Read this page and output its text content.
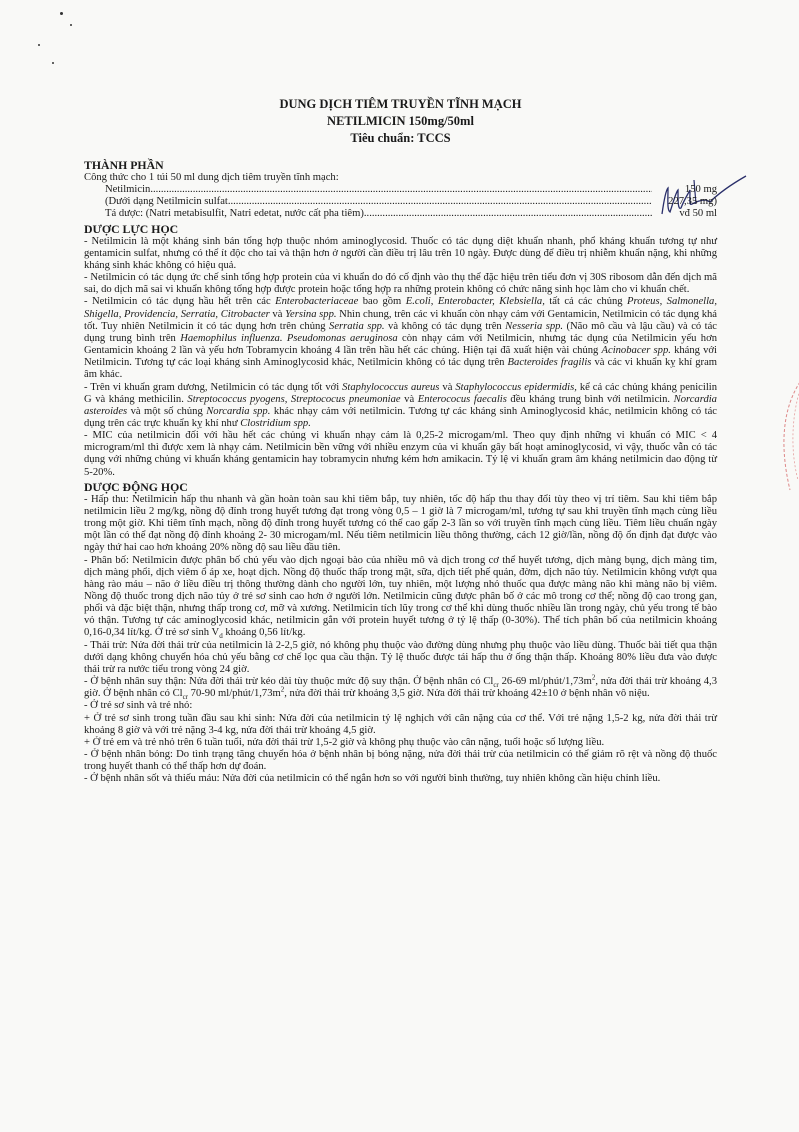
DUNG DỊCH TIÊM TRUYỀN TĨNH MẠCH
NETILMICIN 150mg/50ml
Tiêu chuẩn: TCCS
THÀNH PHẦN

Công thức cho 1 túi 50 ml dung dịch tiêm truyền tĩnh mạch:

Netilmicin .....	150 mg
(Dưới dạng Netilmicin sulfat .....	227,35 mg)
Tá dược: (Natri metabisulfit, Natri edetat, nước cất pha tiêm) .....	vđ 50 ml
DƯỢC LỰC HỌC

- Netilmicin là một kháng sinh bán tổng hợp thuộc nhóm aminoglycosid. Thuốc có tác dụng diệt khuẩn nhanh, phổ kháng khuẩn tương tự như gentamicin sulfat, nhưng có thể ít độc cho tai và thận hơn ở người cần điều trị lâu trên 10 ngày. Được dùng để điều trị nhiễm khuẩn nặng, khi những kháng sinh khác không có hiệu quả.

- Netilmicin có tác dụng ức chế sinh tổng hợp protein của vi khuẩn do đó cố định vào thụ thể đặc hiệu trên tiểu đơn vị 30S ribosom dẫn đến dịch mã sai, do dịch mã sai vi khuẩn không tổng hợp được protein hoặc tổng hợp ra những protein không có chức năng sinh học làm cho vi khuẩn chết.

- Netilmicin có tác dụng hầu hết trên các Enterobacteriaceae bao gồm E.coli, Enterobacter, Klebsiella, tất cả các chủng Proteus, Salmonella, Shigella, Providencia, Serratia, Citrobacter và Yersina spp. Nhìn chung, trên các vi khuẩn còn nhạy cảm với Gentamicin, Netilmicin có tác dụng khá tốt. Tuy nhiên Netilmicin ít có tác dụng hơn trên chủng Serratia spp. và không có tác dụng trên Nesseria spp. (Não mô cầu và lậu cầu) và có tác dụng trung bình trên Haemophilus influenza. Pseudomonas aeruginosa còn nhạy cảm với Netilmicin, nhưng tác dụng của Netilmicin yếu hơn Gentamicin khoảng 2 lần và yếu hơn Tobramycin khoảng 4 lần trên hầu hết các chủng. Hiện tại đã xuất hiện vài chủng Acinobacer spp. kháng với Netilmicin. Tương tự các loại kháng sinh Aminoglycosid khác, Netilmicin không có tác dụng trên Bacteroides fragilis và các vi khuẩn kỵ khí gram âm khác.

- Trên vi khuẩn gram dương, Netilmicin có tác dụng tốt với Staphylococcus aureus và Staphylococcus epidermidis, kể cả các chủng kháng penicilin G và kháng methicilin. Streptococcus pyogens, Streptococus pneumoniae và Enterococus faecalis đều kháng trung bình với netilmicin. Norcardia asteroides và một số chủng Norcardia spp. khác nhạy cảm với netilmicin. Tương tự các kháng sinh Aminoglycosid khác, netilmicin không có tác dụng trên các trực khuẩn kỵ khí như Clostridium spp.

- MIC của netilmicin đối với hầu hết các chủng vi khuẩn nhạy cảm là 0,25-2 microgam/ml. Theo quy định những vi khuẩn có MIC < 4 microgram/ml thì được xem là nhạy cảm. Netilmicin bền vững với nhiều enzym của vi khuẩn gây bất hoạt aminoglycosid, vì vậy, thuốc vẫn có tác dụng với những chủng vi khuẩn kháng gentamicin hay tobramycin nhưng kém hơn amikacin. Tỷ lệ vi khuẩn gram âm kháng netilmicin dao động từ 5-20%.

DƯỢC ĐỘNG HỌC

- Hấp thu: Netilmicin hấp thu nhanh và gần hoàn toàn sau khi tiêm bắp, tuy nhiên, tốc độ hấp thu thay đổi tùy theo vị trí tiêm. Sau khi tiêm bắp netilmicin liều 2 mg/kg, nồng độ đỉnh trong huyết tương đạt trong vòng 0,5 – 1 giờ là 7 microgam/ml, tương tự sau khi truyền tĩnh mạch cùng liều trong một giờ. Khi tiêm tĩnh mạch, nồng độ đỉnh trong huyết tương có thể cao gấp 2-3 lần so với truyền tĩnh mạch cùng liều. Tiêm liều chuẩn ngày một lần có thể đạt nồng độ đỉnh khoảng 2- 30 microgam/ml. Nếu tiêm netilmicin liều thông thường, cách 12 giờ/lần, nồng độ ổn định đạt được vào ngày thứ hai cao hơn khoảng 20% nồng độ sau liều đầu tiên.

- Phân bố: Netilmicin được phân bố chủ yếu vào dịch ngoại bào của nhiều mô và dịch trong cơ thể huyết tương, dịch màng bụng, dịch màng tim, dịch màng phổi, dịch viêm ổ áp xe, hoạt dịch. Nồng độ thuốc thấp trong mật, sữa, dịch tiết phế quản, đờm, dịch não tủy. Netilmicin không vượt qua hàng rào máu – não ở liều điều trị thông thường dành cho người lớn, tuy nhiên, một lượng nhỏ thuốc qua được màng não khi màng não bị viêm. Nồng độ thuốc trong dịch não tủy ở trẻ sơ sinh cao hơn ở người lớn. Netilmicin cũng được phân bố ở các mô trong cơ thể; nồng độ cao trong gan, phổi và đặc biệt thận, nhưng thấp trong cơ, mỡ và xương. Netilmicin tích lũy trong cơ thể khi dùng thuốc nhiều lần trong ngày, chủ yếu trong tế bào vỏ thận. Tương tự các aminoglycosid khác, netilmicin gắn với protein huyết tương ở tỷ lệ thấp (0-30%). Thể tích phân bố của netilmicin khoảng 0,16-0,34 lít/kg. Ở trẻ sơ $\sinh V_d$ khoảng 0,56 lít/kg.

- Thải trừ: Nửa đời thải trừ của netilmicin là 2-2,5 giờ, nó không phụ thuộc vào đường dùng nhưng phụ thuộc vào liều dùng. Thuốc bài tiết qua thận dưới dạng không chuyển hóa chủ yếu bằng cơ chế lọc qua cầu thận. Tỷ lệ thuốc được tái hấp thu ở ống thận thấp. Khoảng 80% liều đưa vào được thải trừ ra nước tiểu trong vòng 24 giờ.

- Ở bệnh nhân suy thận: Nửa đời thải trừ kéo dài tùy thuộc mức độ suy thận. Ở bệnh nhân có $Cl_{cr}$ 26-69 $ml/phút/1,73m^2$, nửa đời thải trừ khoảng 4,3 giờ. Ở bệnh nhân có $Cl_{cr}$ 70-90 $ml/phút/1,73m^2$, nửa đời thải trừ khoảng 3,5 giờ. Nửa đời thải trừ khoảng 42±10 ở bệnh nhân vô niệu.

- Ở trẻ sơ sinh và trẻ nhỏ:

+ Ở trẻ sơ sinh trong tuần đầu sau khi sinh: Nửa đời của netilmicin tỷ lệ nghịch với cân nặng của cơ thể. Với trẻ nặng 1,5-2 kg, nửa đời thải trừ khoảng 8 giờ và với trẻ nặng 3-4 kg, nửa đời thải trừ khoảng 4,5 giờ.

+ Ở trẻ em và trẻ nhỏ trên 6 tuần tuổi, nửa đời thải trừ 1,5-2 giờ và không phụ thuộc vào cân nặng, tuổi hoặc số lượng liều.

- Ở bệnh nhân bỏng: Do tình trạng tăng chuyển hóa ở bệnh nhân bị bỏng nặng, nửa đời thải trừ của netilmicin có thể giảm rõ rệt và nồng độ thuốc trong huyết thanh có thể thấp hơn dự đoán.

- Ở bệnh nhân sốt và thiếu máu: Nửa đời của netilmicin có thể ngắn hơn so với người bình thường, tuy nhiên không cần hiệu chỉnh liều.
